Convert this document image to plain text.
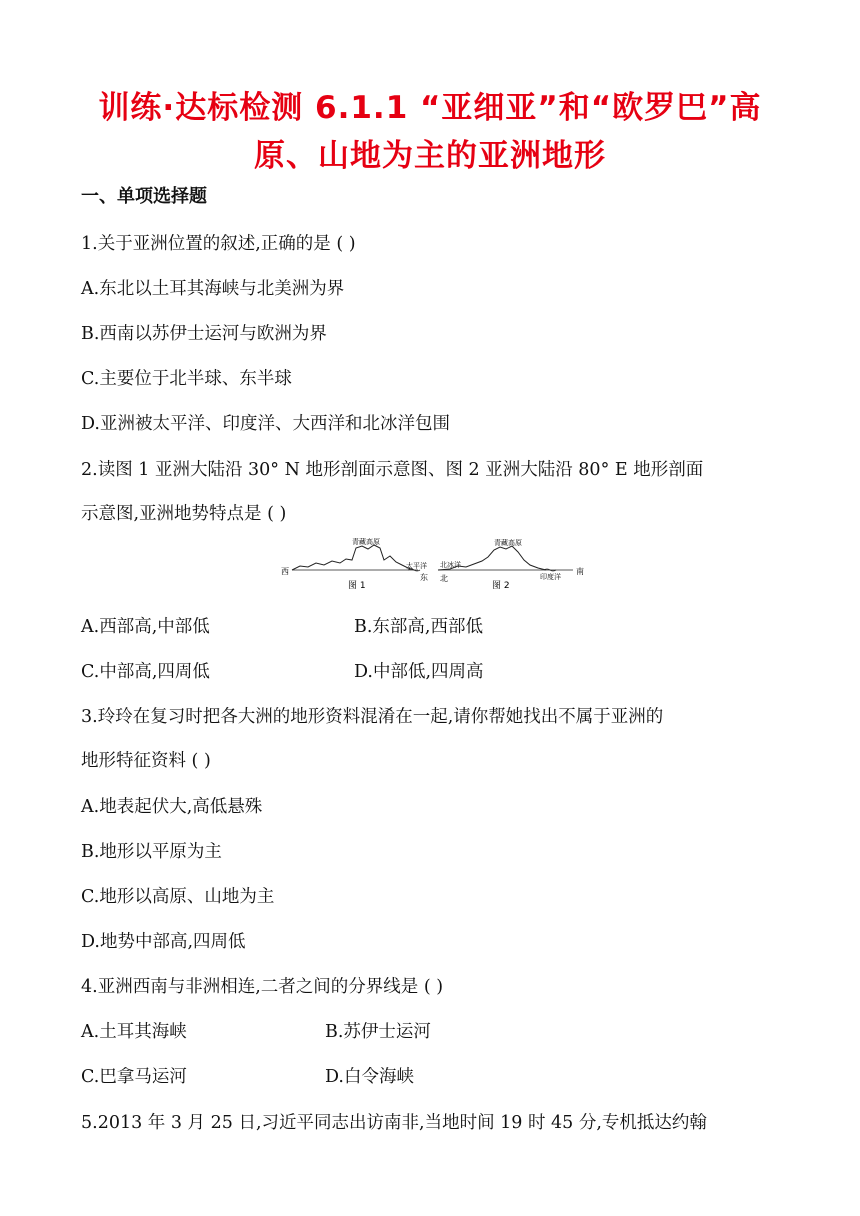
训练·达标检测 6.1.1 “亚细亚”和“欧罗巴”高
原、山地为主的亚洲地形
一、单项选择题
1.关于亚洲位置的叙述,正确的是 ( )
A.东北以土耳其海峡与北美洲为界
B.西南以苏伊士运河与欧洲为界
C.主要位于北半球、东半球
D.亚洲被太平洋、印度洋、大西洋和北冰洋包围
2.读图 1 亚洲大陆沿 30° N 地形剖面示意图、图 2 亚洲大陆沿 80° E 地形剖面
示意图,亚洲地势特点是 ( )
西
东
青藏高原
太平洋
图 1
北冰洋
北
青藏高原
印度洋
南
图 2
A.西部高,中部低	B.东部高,西部低
C.中部高,四周低	D.中部低,四周高
3.玲玲在复习时把各大洲的地形资料混淆在一起,请你帮她找出不属于亚洲的
地形特征资料 ( )
A.地表起伏大,高低悬殊
B.地形以平原为主
C.地形以高原、山地为主
D.地势中部高,四周低
4.亚洲西南与非洲相连,二者之间的分界线是 ( )
A.土耳其海峡	B.苏伊士运河
C.巴拿马运河	D.白令海峡
5.2013 年 3 月 25 日,习近平同志出访南非,当地时间 19 时 45 分,专机抵达约翰
